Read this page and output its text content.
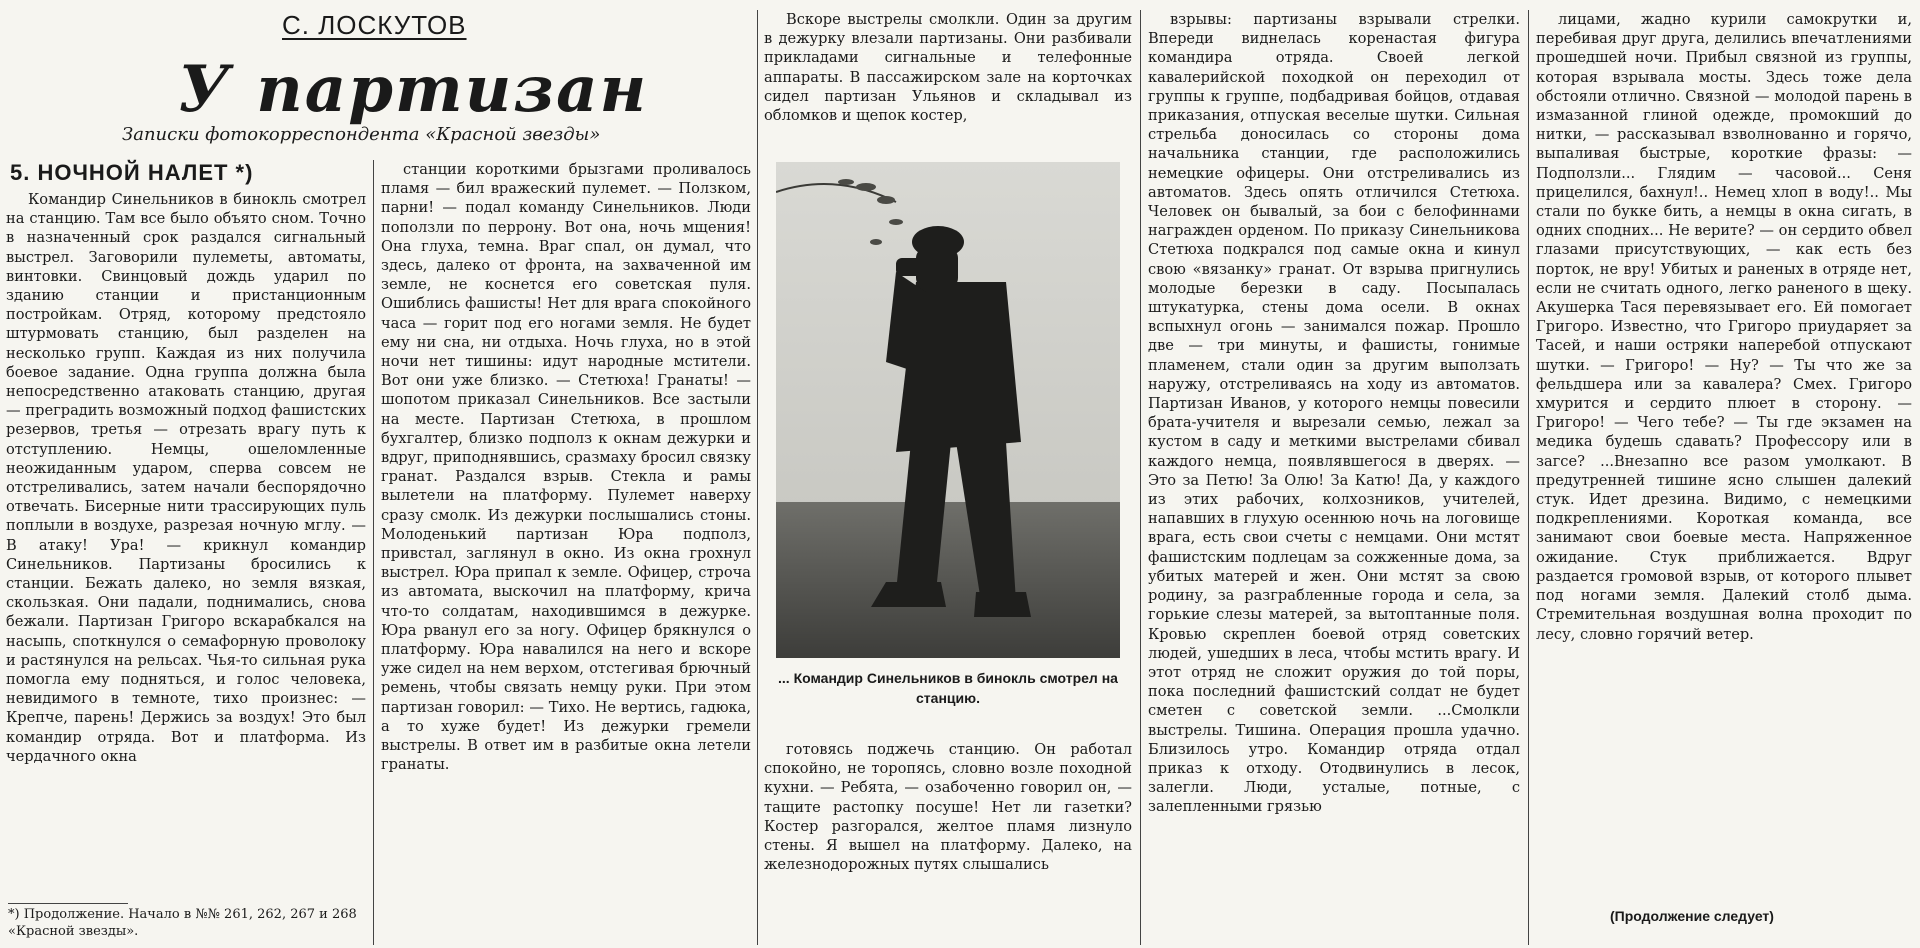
С. ЛОСКУТОВ
У партизан
Записки фотокорреспондента «Красной звезды»
5. НОЧНОЙ НАЛЕТ *)

Командир Синельников в бинокль смотрел на станцию. Там все было объято сном. Точно в назначенный срок раздался сигнальный выстрел. Заговорили пулеметы, автоматы, винтовки. Свинцовый дождь ударил по зданию станции и пристанционным постройкам. Отряд, которому предстояло штурмовать станцию, был разделен на несколько групп. Каждая из них получила боевое задание. Одна группа должна была непосредственно атаковать станцию, другая — преградить возможный подход фашистских резервов, третья — отрезать врагу путь к отступлению. Немцы, ошеломленные неожиданным ударом, сперва совсем не отстреливались, затем начали беспорядочно отвечать. Бисерные нити трассирующих пуль поплыли в воздухе, разрезая ночную мглу. — В атаку! Ура! — крикнул командир Синельников. Партизаны бросились к станции. Бежать далеко, но земля вязкая, скользкая. Они падали, поднимались, снова бежали. Партизан Григоро вскарабкался на насыпь, споткнулся о семафорную проволоку и растянулся на рельсах. Чья-то сильная рука помогла ему подняться, и голос человека, невидимого в темноте, тихо произнес: — Крепче, парень! Держись за воздух! Это был командир отряда. Вот и платформа. Из чердачного окна

*) Продолжение. Начало в №№ 261, 262, 267 и 268 «Красной звезды».

станции короткими брызгами проливалось пламя — бил вражеский пулемет. — Ползком, парни! — подал команду Синельников. Люди поползли по перрону. Вот она, ночь мщения! Она глуха, темна. Враг спал, он думал, что здесь, далеко от фронта, на захваченной им земле, не коснется его советская пуля. Ошиблись фашисты! Нет для врага спокойного часа — горит под его ногами земля. Не будет ему ни сна, ни отдыха. Ночь глуха, но в этой ночи нет тишины: идут народные мстители. Вот они уже близко. — Стетюха! Гранаты! — шопотом приказал Синельников. Все застыли на месте. Партизан Стетюха, в прошлом бухгалтер, близко подполз к окнам дежурки и вдруг, приподнявшись, сразмаху бросил связку гранат. Раздался взрыв. Стекла и рамы вылетели на платформу. Пулемет наверху сразу смолк. Из дежурки послышались стоны. Молоденький партизан Юра подполз, привстал, заглянул в окно. Из окна грохнул выстрел. Юра припал к земле. Офицер, строча из автомата, выскочил на платформу, крича что-то солдатам, находившимся в дежурке. Юра рванул его за ногу. Офицер брякнулся о платформу. Юра навалился на него и вскоре уже сидел на нем верхом, отстегивая брючный ремень, чтобы связать немцу руки. При этом партизан говорил: — Тихо. Не вертись, гадюка, а то хуже будет! Из дежурки гремели выстрелы. В ответ им в разбитые окна летели гранаты.

Вскоре выстрелы смолкли. Один за другим в дежурку влезали партизаны. Они разбивали прикладами сигнальные и телефонные аппараты. В пассажирском зале на корточках сидел партизан Ульянов и складывал из обломков и щепок костер,

... Командир Синельников в бинокль смотрел на станцию.

готовясь поджечь станцию. Он работал спокойно, не торопясь, словно возле походной кухни. — Ребята, — озабоченно говорил он, — тащите растопку посуше! Нет ли газетки? Костер разгорался, желтое пламя лизнуло стены. Я вышел на платформу. Далеко, на железнодорожных путях слышались

взрывы: партизаны взрывали стрелки. Впереди виднелась коренастая фигура командира отряда. Своей легкой кавалерийской походкой он переходил от группы к группе, подбадривая бойцов, отдавая приказания, отпуская веселые шутки. Сильная стрельба доносилась со стороны дома начальника станции, где расположились немецкие офицеры. Они отстреливались из автоматов. Здесь опять отличился Стетюха. Человек он бывалый, за бои с белофиннами награжден орденом. По приказу Синельникова Стетюха подкрался под самые окна и кинул свою «вязанку» гранат. От взрыва пригнулись молодые березки в саду. Посыпалась штукатурка, стены дома осели. В окнах вспыхнул огонь — занимался пожар. Прошло две — три минуты, и фашисты, гонимые пламенем, стали один за другим выползать наружу, отстреливаясь на ходу из автоматов. Партизан Иванов, у которого немцы повесили брата-учителя и вырезали семью, лежал за кустом в саду и меткими выстрелами сбивал каждого немца, появлявшегося в дверях. — Это за Петю! За Олю! За Катю! Да, у каждого из этих рабочих, колхозников, учителей, напавших в глухую осеннюю ночь на логовище врага, есть свои счеты с немцами. Они мстят фашистским подлецам за сожженные дома, за убитых матерей и жен. Они мстят за свою родину, за разграбленные города и села, за горькие слезы матерей, за вытоптанные поля. Кровью скреплен боевой отряд советских людей, ушедших в леса, чтобы мстить врагу. И этот отряд не сложит оружия до той поры, пока последний фашистский солдат не будет сметен с советской земли. ...Смолкли выстрелы. Тишина. Операция прошла удачно. Близилось утро. Командир отряда отдал приказ к отходу. Отодвинулись в лесок, залегли. Люди, усталые, потные, с залепленными грязью

лицами, жадно курили самокрутки и, перебивая друг друга, делились впечатлениями прошедшей ночи. Прибыл связной из группы, которая взрывала мосты. Здесь тоже дела обстояли отлично. Связной — молодой парень в измазанной глиной одежде, промокший до нитки, — рассказывал взволнованно и горячо, выпаливая быстрые, короткие фразы: — Подползли... Глядим — часовой... Сеня прицелился, бахнул!.. Немец хлоп в воду!.. Мы стали по букке бить, а немцы в окна сигать, в одних сподних... Не верите? — он сердито обвел глазами присутствующих, — как есть без порток, не вру! Убитых и раненых в отряде нет, если не считать одного, легко раненого в щеку. Акушерка Тася перевязывает его. Ей помогает Григоро. Известно, что Григоро приударяет за Тасей, и наши остряки наперебой отпускают шутки. — Григоро! — Ну? — Ты что же за фельдшера или за кавалера? Смех. Григоро хмурится и сердито плюет в сторону. — Григоро! — Чего тебе? — Ты где экзамен на медика будешь сдавать? Профессору или в загсе? ...Внезапно все разом умолкают. В предутренней тишине ясно слышен далекий стук. Идет дрезина. Видимо, с немецкими подкреплениями. Короткая команда, все занимают свои боевые места. Напряженное ожидание. Стук приближается. Вдруг раздается громовой взрыв, от которого плывет под ногами земля. Далекий столб дыма. Стремительная воздушная волна проходит по лесу, словно горячий ветер.

(Продолжение следует)
